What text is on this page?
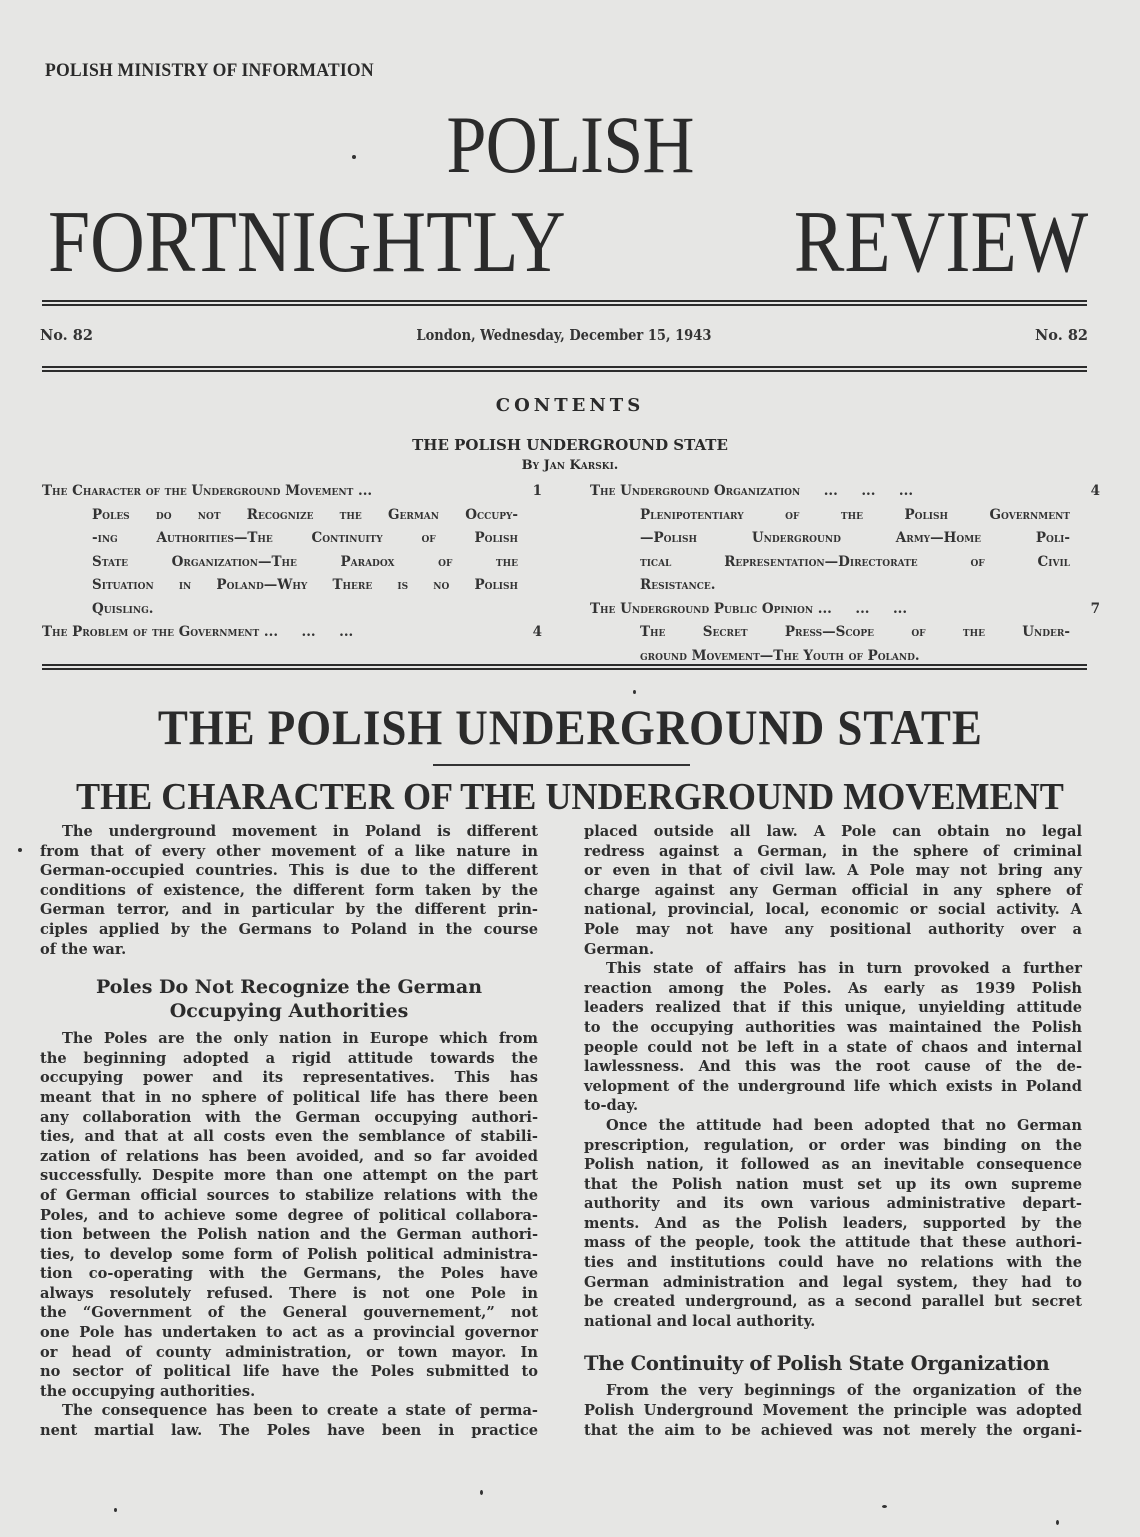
POLISH MINISTRY OF INFORMATION
POLISH
FORTNIGHTLY	REVIEW
No. 82	London, Wednesday, December 15, 1943	No. 82
CONTENTS
THE POLISH UNDERGROUND STATE
By Jan Karski.
The Character of the Underground Movement ...	1
Poles do not Recognize the German Occupy-
-ing Authorities—The Continuity of Polish
State Organization—The Paradox of the
Situation in Poland—Why There is no Polish
Quisling.
The Problem of the Government ...     ...     ...	4
The Underground Organization     ...     ...     ...	4
Plenipotentiary of the Polish Government
—Polish Underground Army—Home Poli-
tical Representation—Directorate of Civil
Resistance.
The Underground Public Opinion ...     ...     ...	7
The Secret Press—Scope of the Under-
ground Movement—The Youth of Poland.
THE POLISH UNDERGROUND STATE
THE CHARACTER OF THE UNDERGROUND MOVEMENT

The underground movement in Poland is different
from that of every other movement of a like nature in
German-occupied countries. This is due to the different
conditions of existence, the different form taken by the
German terror, and in particular by the different prin-
ciples applied by the Germans to Poland in the course
of the war.

Poles Do Not Recognize the German
Occupying Authorities

The Poles are the only nation in Europe which from
the beginning adopted a rigid attitude towards the
occupying power and its representatives. This has
meant that in no sphere of political life has there been
any collaboration with the German occupying authori-
ties, and that at all costs even the semblance of stabili-
zation of relations has been avoided, and so far avoided
successfully. Despite more than one attempt on the part
of German official sources to stabilize relations with the
Poles, and to achieve some degree of political collabora-
tion between the Polish nation and the German authori-
ties, to develop some form of Polish political administra-
tion co-operating with the Germans, the Poles have
always resolutely refused. There is not one Pole in
the “Government of the General gouvernement,” not
one Pole has undertaken to act as a provincial governor
or head of county administration, or town mayor. In
no sector of political life have the Poles submitted to
the occupying authorities.

The consequence has been to create a state of perma-
nent martial law. The Poles have been in practice

placed outside all law. A Pole can obtain no legal
redress against a German, in the sphere of criminal
or even in that of civil law. A Pole may not bring any
charge against any German official in any sphere of
national, provincial, local, economic or social activity. A
Pole may not have any positional authority over a
German.

This state of affairs has in turn provoked a further
reaction among the Poles. As early as 1939 Polish
leaders realized that if this unique, unyielding attitude
to the occupying authorities was maintained the Polish
people could not be left in a state of chaos and internal
lawlessness. And this was the root cause of the de-
velopment of the underground life which exists in Poland
to-day.

Once the attitude had been adopted that no German
prescription, regulation, or order was binding on the
Polish nation, it followed as an inevitable consequence
that the Polish nation must set up its own supreme
authority and its own various administrative depart-
ments. And as the Polish leaders, supported by the
mass of the people, took the attitude that these authori-
ties and institutions could have no relations with the
German administration and legal system, they had to
be created underground, as a second parallel but secret
national and local authority.

The Continuity of Polish State Organization

From the very beginnings of the organization of the
Polish Underground Movement the principle was adopted
that the aim to be achieved was not merely the organi-
